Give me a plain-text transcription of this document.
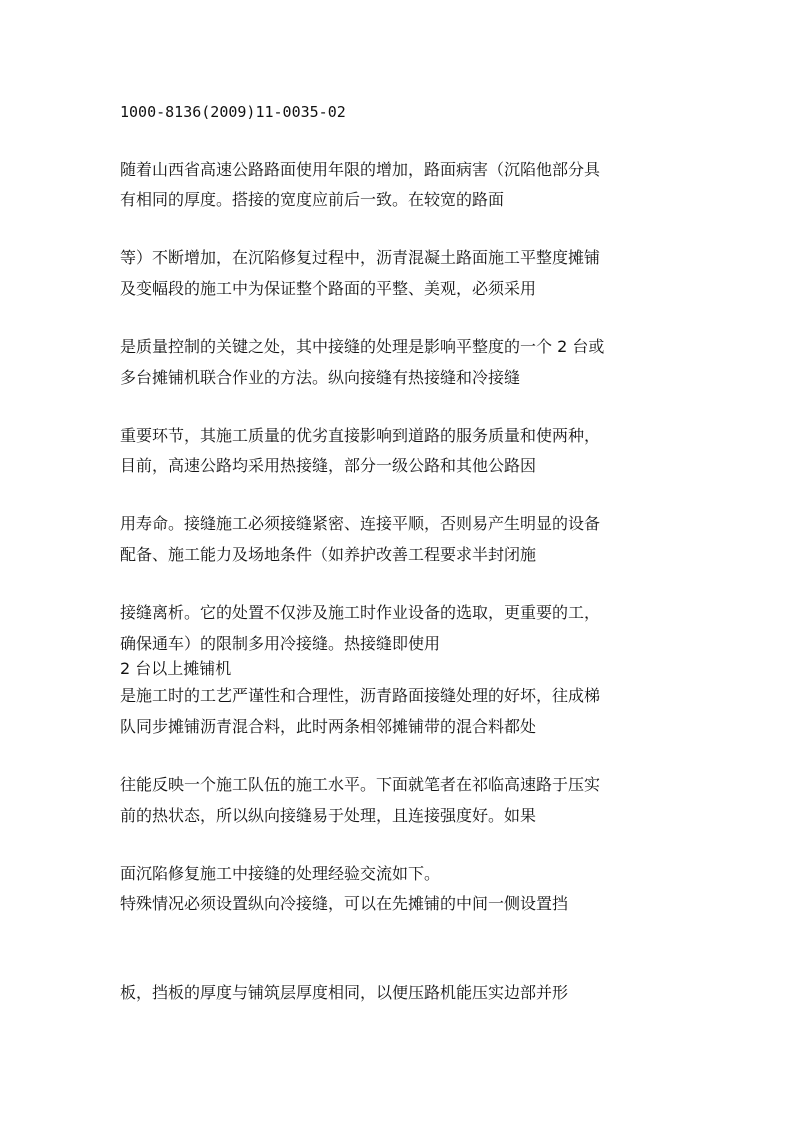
1000-8136(2009)11-0035-02
随着山西省高速公路路面使用年限的增加，路面病害（沉陷他部分具
有相同的厚度。搭接的宽度应前后一致。在较宽的路面
等）不断增加，在沉陷修复过程中，沥青混凝土路面施工平整度摊铺
及变幅段的施工中为保证整个路面的平整、美观，必须采用
是质量控制的关键之处，其中接缝的处理是影响平整度的一个 2 台或
多台摊铺机联合作业的方法。纵向接缝有热接缝和冷接缝
重要环节，其施工质量的优劣直接影响到道路的服务质量和使两种，
目前，高速公路均采用热接缝，部分一级公路和其他公路因
用寿命。接缝施工必须接缝紧密、连接平顺，否则易产生明显的设备
配备、施工能力及场地条件（如养护改善工程要求半封闭施
接缝离析。它的处置不仅涉及施工时作业设备的选取，更重要的工，
确保通车）的限制多用冷接缝。热接缝即使用
2 台以上摊铺机
是施工时的工艺严谨性和合理性，沥青路面接缝处理的好坏，往成梯
队同步摊铺沥青混合料，此时两条相邻摊铺带的混合料都处
往能反映一个施工队伍的施工水平。下面就笔者在祁临高速路于压实
前的热状态，所以纵向接缝易于处理，且连接强度好。如果
面沉陷修复施工中接缝的处理经验交流如下。
特殊情况必须设置纵向冷接缝，可以在先摊铺的中间一侧设置挡
板，挡板的厚度与铺筑层厚度相同，以便压路机能压实边部并形
